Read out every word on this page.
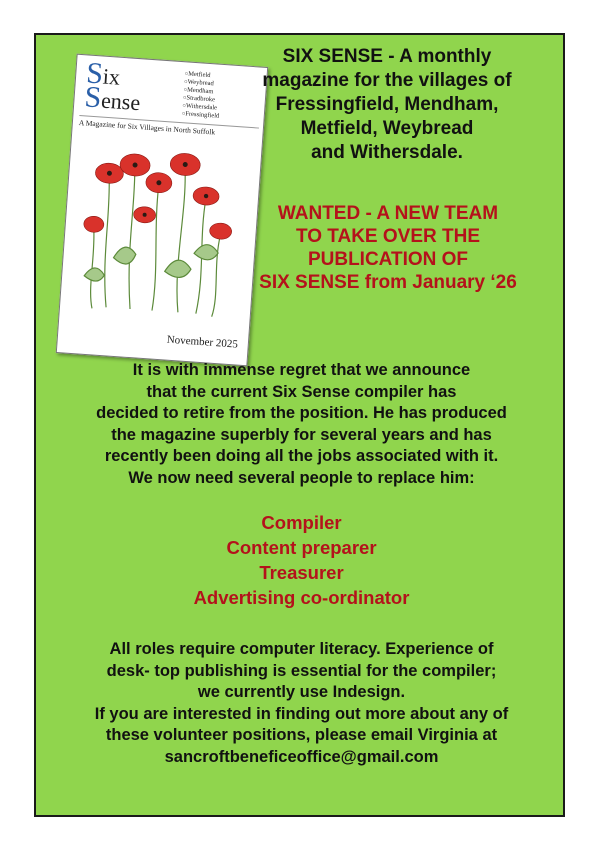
Six
Sense
○ Metfield
○ Weybread
○ Mendham
○ Stradbroke
○ Withersdale
○ Fressingfield
A Magazine for Six Villages in North Suffolk
November 2025
SIX SENSE - A monthly
magazine for the villages of
Fressingfield, Mendham,
Metfield, Weybread
and Withersdale.
WANTED - A NEW TEAM
TO TAKE OVER THE
PUBLICATION OF
SIX SENSE from January ‘26
It is with immense regret that we announce
that the current Six Sense compiler has
decided to retire from the position. He has produced
the magazine superbly for several years and has
recently been doing all the jobs associated with it.
We now need several people to replace him:
Compiler
Content preparer
Treasurer
Advertising co-ordinator
All roles require computer literacy. Experience of
desk- top publishing is essential for the compiler;
we currently use Indesign.
If you are interested in finding out more about any of
these volunteer positions, please email Virginia at
sancroftbeneficeoffice@gmail.com
